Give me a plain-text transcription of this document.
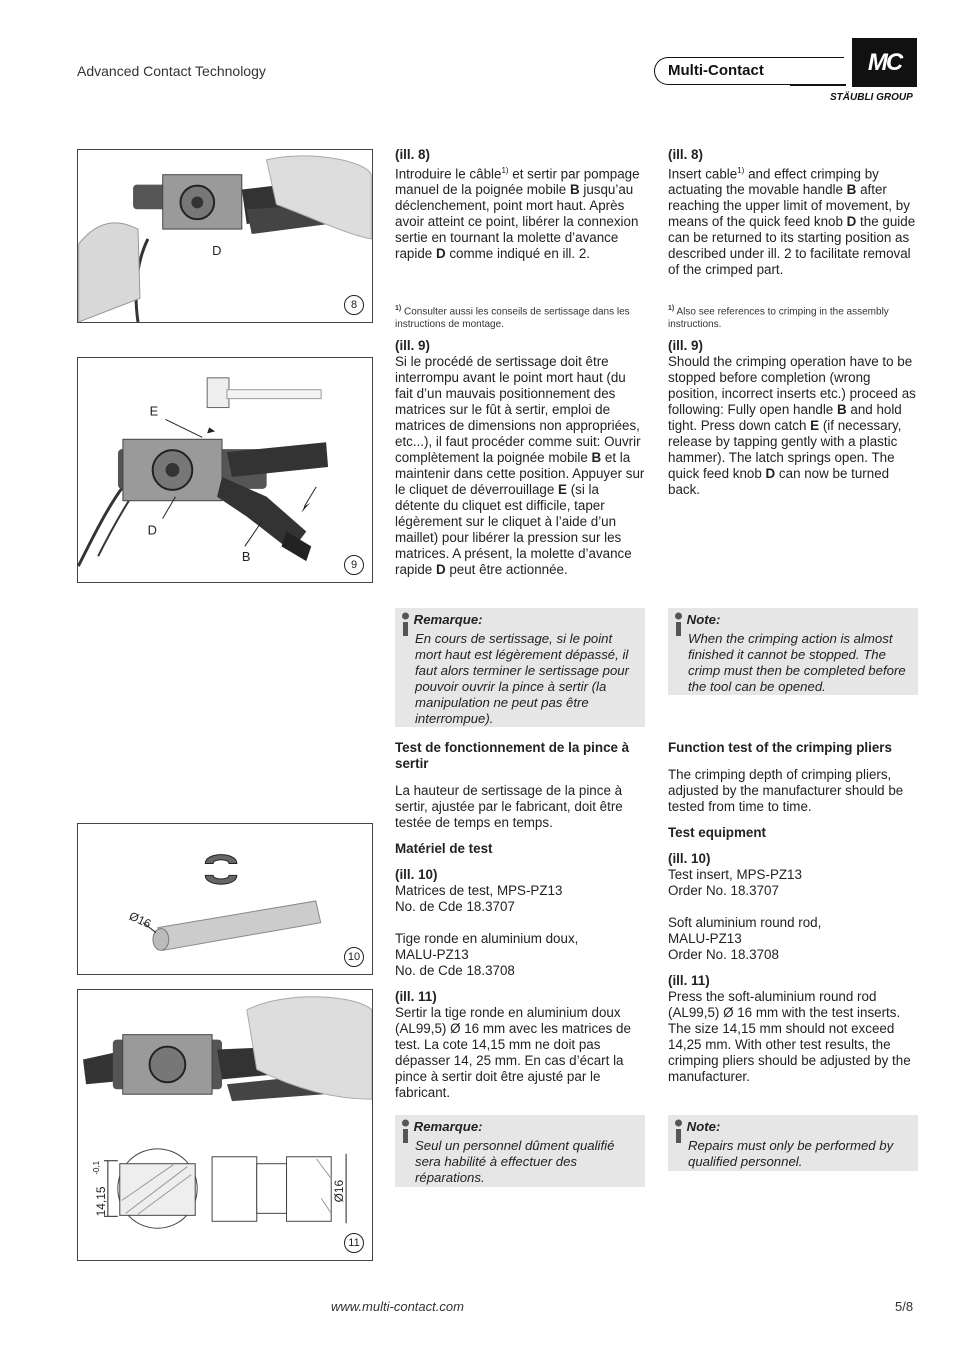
Advanced Contact Technology	Multi-Contact	MC
STÄUBLI GROUP
D
8
E
D
B
9
Ø16
10
14,15
-0,1
Ø16
11

(ill. 8)

Introduire le câble$^{1)}$ et sertir par pompage manuel de la poignée mobile B jusqu’au déclenchement, point mort haut. Après avoir atteint ce point, libérer la connexion sertie en tournant la molette d’avance rapide D comme indiqué en ill. 2.

$^{1)}$ Consulter aussi les conseils de sertissage dans les instructions de montage.

(ill. 9)

Si le procédé de sertissage doit être interrompu avant le point mort haut (du fait d’un mauvais positionnement des matrices sur le fût à sertir, emploi de matrices de dimensions non appropriées, etc...), il faut procéder comme suit: Ouvrir complètement la poignée mobile B et la maintenir dans cette position. Appuyer sur le cliquet de déverrouillage E (si la détente du cliquet est difficile, taper légèrement sur le cliquet à l’aide d’un maillet) pour libérer la pression sur les matrices. A présent, la molette d’avance rapide D peut être actionnée.

Remarque:
En cours de sertissage, si le point mort haut est légèrement dépassé, il faut alors terminer le sertissage pour pouvoir ouvrir la pince à sertir (la manipulation ne peut pas être interrompue).

Test de fonctionnement de la pince à sertir

La hauteur de sertissage de la pince à sertir, ajustée par le fabricant, doit être testée de temps en temps.

Matériel de test

(ill. 10)

Matrices de test, MPS-PZ13

No. de Cde 18.3707

Tige ronde en aluminium doux,

MALU-PZ13

No. de Cde 18.3708

(ill. 11)

Sertir la tige ronde en aluminium doux (AL99,5) Ø 16 mm avec les matrices de test. La cote 14,15 mm ne doit pas dépasser 14, 25 mm. En cas d’écart la pince à sertir doit être ajusté par le fabricant.

Remarque:
Seul un personnel dûment qualifié sera habilité à effectuer des réparations.

(ill. 8)

Insert cable$^{1)}$ and effect crimping by actuating the movable handle B after reaching the upper limit of movement, by means of the quick feed knob D the guide can be returned to its starting position as described under ill. 2 to facilitate removal of the crimped part.

$^{1)}$ Also see references to crimping in the assembly instructions.

(ill. 9)

Should the crimping operation have to be stopped before completion (wrong position, incorrect inserts etc.) proceed as following: Fully open handle B and hold tight. Press down catch E (if necessary, release by tapping gently with a plastic hammer). The latch springs open. The quick feed knob D can now be turned back.

Note:
When the crimping action is almost finished it cannot be stopped. The crimp must then be completed before the tool can be opened.

Function test of the crimping pliers

The crimping depth of crimping pliers, adjusted by the manufacturer should be tested from time to time.

Test equipment

(ill. 10)

Test insert, MPS-PZ13

Order No. 18.3707

Soft aluminium round rod,

MALU-PZ13

Order No. 18.3708

(ill. 11)

Press the soft-aluminium round rod (AL99,5) Ø 16 mm with the test inserts. The size 14,15 mm should not exceed 14,25 mm. With other test results, the crimping pliers should be adjusted by the manufacturer.

Note:
Repairs must only be performed by qualified personnel.
www.multi-contact.com	5/8
